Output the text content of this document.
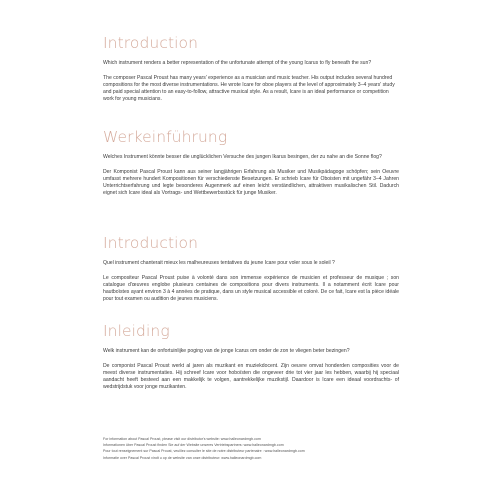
Introduction

Which instrument renders a better representation of the unfortunate attempt of the young Icarus to fly beneath the sun?

The composer Pascal Proust has many years' experience as a musician and music teacher. His output includes several hundred compositions for the most diverse instrumentations. He wrote Icare for oboe players at the level of approximately 3–4 years' study and paid special attention to an easy-to-follow, attractive musical style. As a result, Icare is an ideal performance or competition work for young musicians.

Werkeinführung

Welches Instrument könnte besser die unglücklichen Versuche des jungen Ikarus besingen, der zu nahe an die Sonne flog?

Der Komponist Pascal Proust kann aus seiner langjährigen Erfahrung als Musiker und Musikpädagoge schöpfen; sein Oeuvre umfasst mehrere hundert Kompositionen für verschiedenste Besetzungen. Er schrieb Icare für Oboisten mit ungefähr 3–4 Jahren Unterrichtserfahrung und legte besonderes Augenmerk auf einen leicht verständlichen, attraktiven musikalischen Stil. Dadurch eignet sich Icare ideal als Vortrags- und Wettbewerbsstück für junge Musiker.

Introduction

Quel instrument chanterait mieux les malheureuses tentatives du jeune Icare pour voler sous le soleil ?

Le compositeur Pascal Proust puise à volonté dans son immense expérience de musicien et professeur de musique ; son catalogue d'œuvres englobe plusieurs centaines de compositions pour divers instruments. Il a notamment écrit Icare pour hautboïstes ayant environ 3 à 4 années de pratique, dans un style musical accessible et coloré. De ce fait, Icare est la pièce idéale pour tout examen ou audition de jeunes musiciens.

Inleiding

Welk instrument kan de onfortuinlijke poging van de jonge Icarus om onder de zon te vliegen beter bezingen?

De componist Pascal Proust werkt al jaren als muzikant en muziekdocent. Zijn oeuvre omvat honderden composities voor de meest diverse instrumentaties. Hij schreef Icare voor hoboïsten die ongeveer drie tot vier jaar les hebben, waarbij hij speciaal aandacht heeft besteed aan een makkelijk te volgen, aantrekkelijke muzikstijl. Daardoor is Icare een ideaal voordrachts- of wedstrijdstuk voor jonge muzikanten.

For information about Pascal Proust, please visit our distributor's website: www.halleonardmgb.com
Informationen über Pascal Proust finden Sie auf der Website unseres Vertriebspartners: www.halleonardmgb.com
Pour tout renseignement sur Pascal Proust, veuillez consulter le site de notre distributeur partenaire : www.halleonardmgb.com
Informatie over Pascal Proust vindt u op de website van onze distributeur: www.halleonardmgb.com
